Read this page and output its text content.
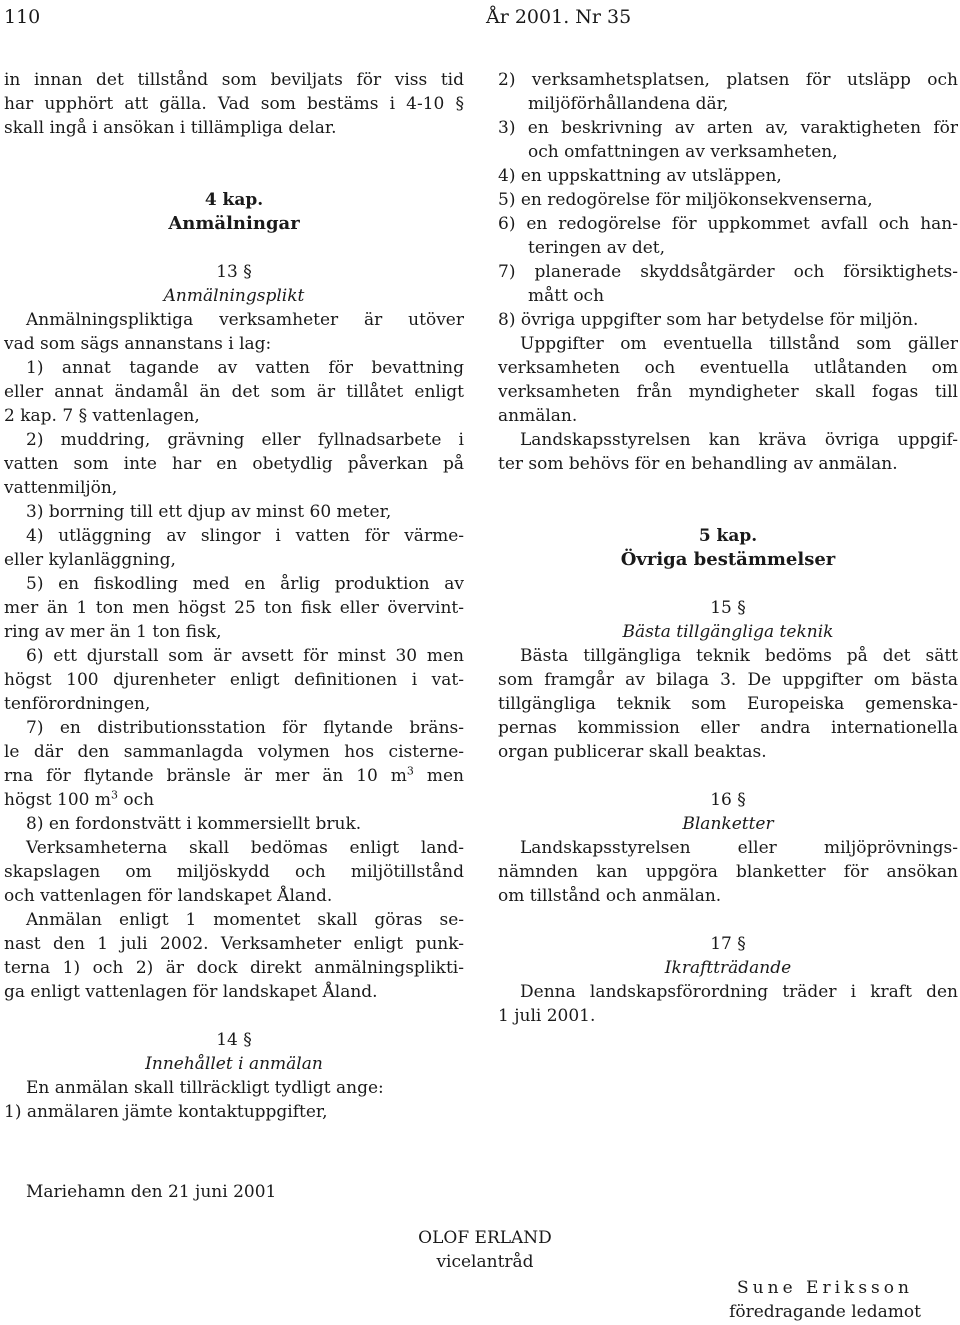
110	År 2001. Nr 35

in innan det tillstånd som beviljats för viss tid

har upphört att gälla. Vad som bestäms i 4-10 §

skall ingå i ansökan i tillämpliga delar.

4 kap.

Anmälningar

13 §

Anmälningsplikt

Anmälningspliktiga verksamheter är utöver

vad som sägs annanstans i lag:

1) annat tagande av vatten för bevattning

eller annat ändamål än det som är tillåtet enligt

2 kap. 7 § vattenlagen,

2) muddring, grävning eller fyllnadsarbete i

vatten som inte har en obetydlig påverkan på

vattenmiljön,

3) borrning till ett djup av minst 60 meter,

4) utläggning av slingor i vatten för värme-

eller kylanläggning,

5) en fiskodling med en årlig produktion av

mer än 1 ton men högst 25 ton fisk eller övervint-

ring av mer än 1 ton fisk,

6) ett djurstall som är avsett för minst 30 men

högst 100 djurenheter enligt definitionen i vat-

tenförordningen,

7) en distributionsstation för flytande bräns-

le där den sammanlagda volymen hos cisterne-

rna för flytande bränsle är mer än 10 $m^3$ men

högst 100 $m^3$ och

8) en fordonstvätt i kommersiellt bruk.

Verksamheterna skall bedömas enligt land-

skapslagen om miljöskydd och miljötillstånd

och vattenlagen för landskapet Åland.

Anmälan enligt 1 momentet skall göras se-

nast den 1 juli 2002. Verksamheter enligt punk-

terna 1) och 2) är dock direkt anmälningsplikti-

ga enligt vattenlagen för landskapet Åland.

14 §

Innehållet i anmälan

En anmälan skall tillräckligt tydligt ange:

1) anmälaren jämte kontaktuppgifter,

2) verksamhetsplatsen, platsen för utsläpp och

miljöförhållandena där,

3) en beskrivning av arten av, varaktigheten för

och omfattningen av verksamheten,

4) en uppskattning av utsläppen,

5) en redogörelse för miljökonsekvenserna,

6) en redogörelse för uppkommet avfall och han-

teringen av det,

7) planerade skyddsåtgärder och försiktighets-

mått och

8) övriga uppgifter som har betydelse för miljön.

Uppgifter om eventuella tillstånd som gäller

verksamheten och eventuella utlåtanden om

verksamheten från myndigheter skall fogas till

anmälan.

Landskapsstyrelsen kan kräva övriga uppgif-

ter som behövs för en behandling av anmälan.

5 kap.

Övriga bestämmelser

15 §

Bästa tillgängliga teknik

Bästa tillgängliga teknik bedöms på det sätt

som framgår av bilaga 3. De uppgifter om bästa

tillgängliga teknik som Europeiska gemenska-

pernas kommission eller andra internationella

organ publicerar skall beaktas.

16 §

Blanketter

Landskapsstyrelsen eller miljöprövnings-

nämnden kan uppgöra blanketter för ansökan

om tillstånd och anmälan.

17 §

Ikraftträdande

Denna landskapsförordning träder i kraft den

1 juli 2001.

Mariehamn den 21 juni 2001
OLOF ERLAND
vicelantråd
Sune Eriksson
föredragande ledamot
